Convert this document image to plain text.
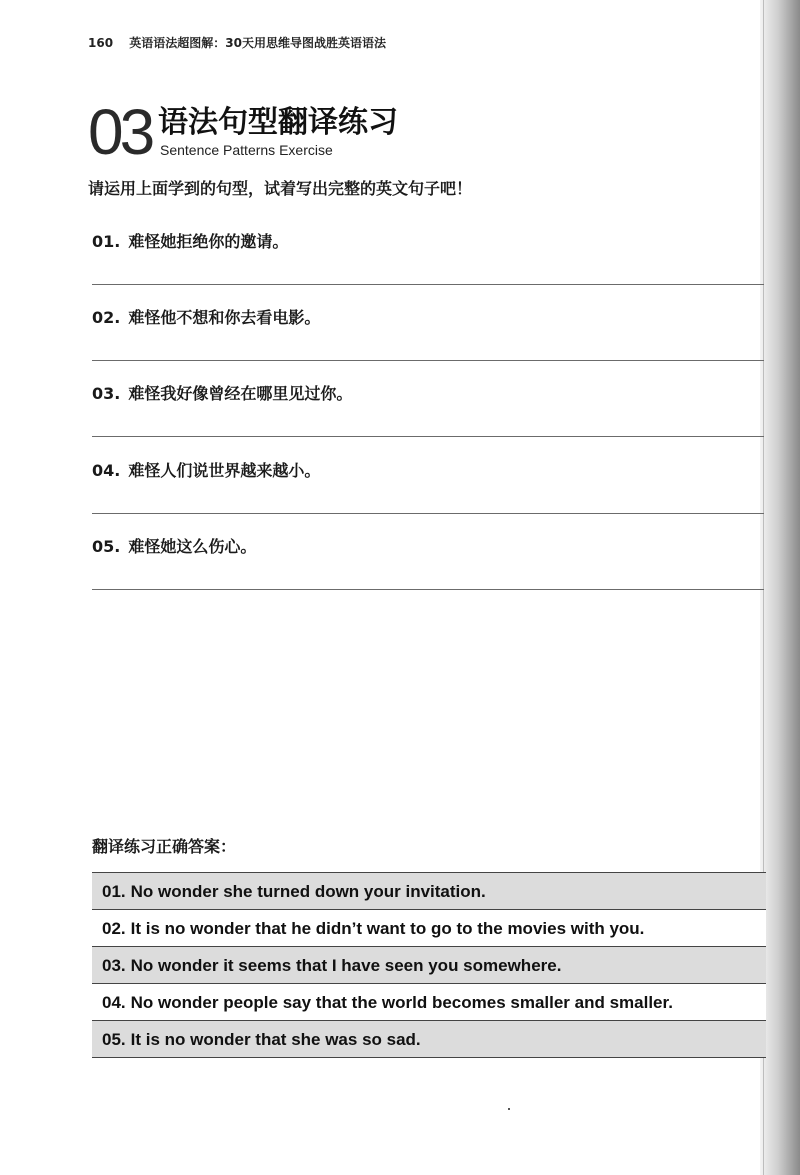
160 英语语法超图解：30天用思维导图战胜英语语法
03 语法句型翻译练习
Sentence Patterns Exercise
请运用上面学到的句型，试着写出完整的英文句子吧！
01. 难怪她拒绝你的邀请。
02. 难怪他不想和你去看电影。
03. 难怪我好像曾经在哪里见过你。
04. 难怪人们说世界越来越小。
05. 难怪她这么伤心。
翻译练习正确答案：
01. No wonder she turned down your invitation.
02. It is no wonder that he didn’t want to go to the movies with you.
03. No wonder it seems that I have seen you somewhere.
04. No wonder people say that the world becomes smaller and smaller.
05. It is no wonder that she was so sad.
